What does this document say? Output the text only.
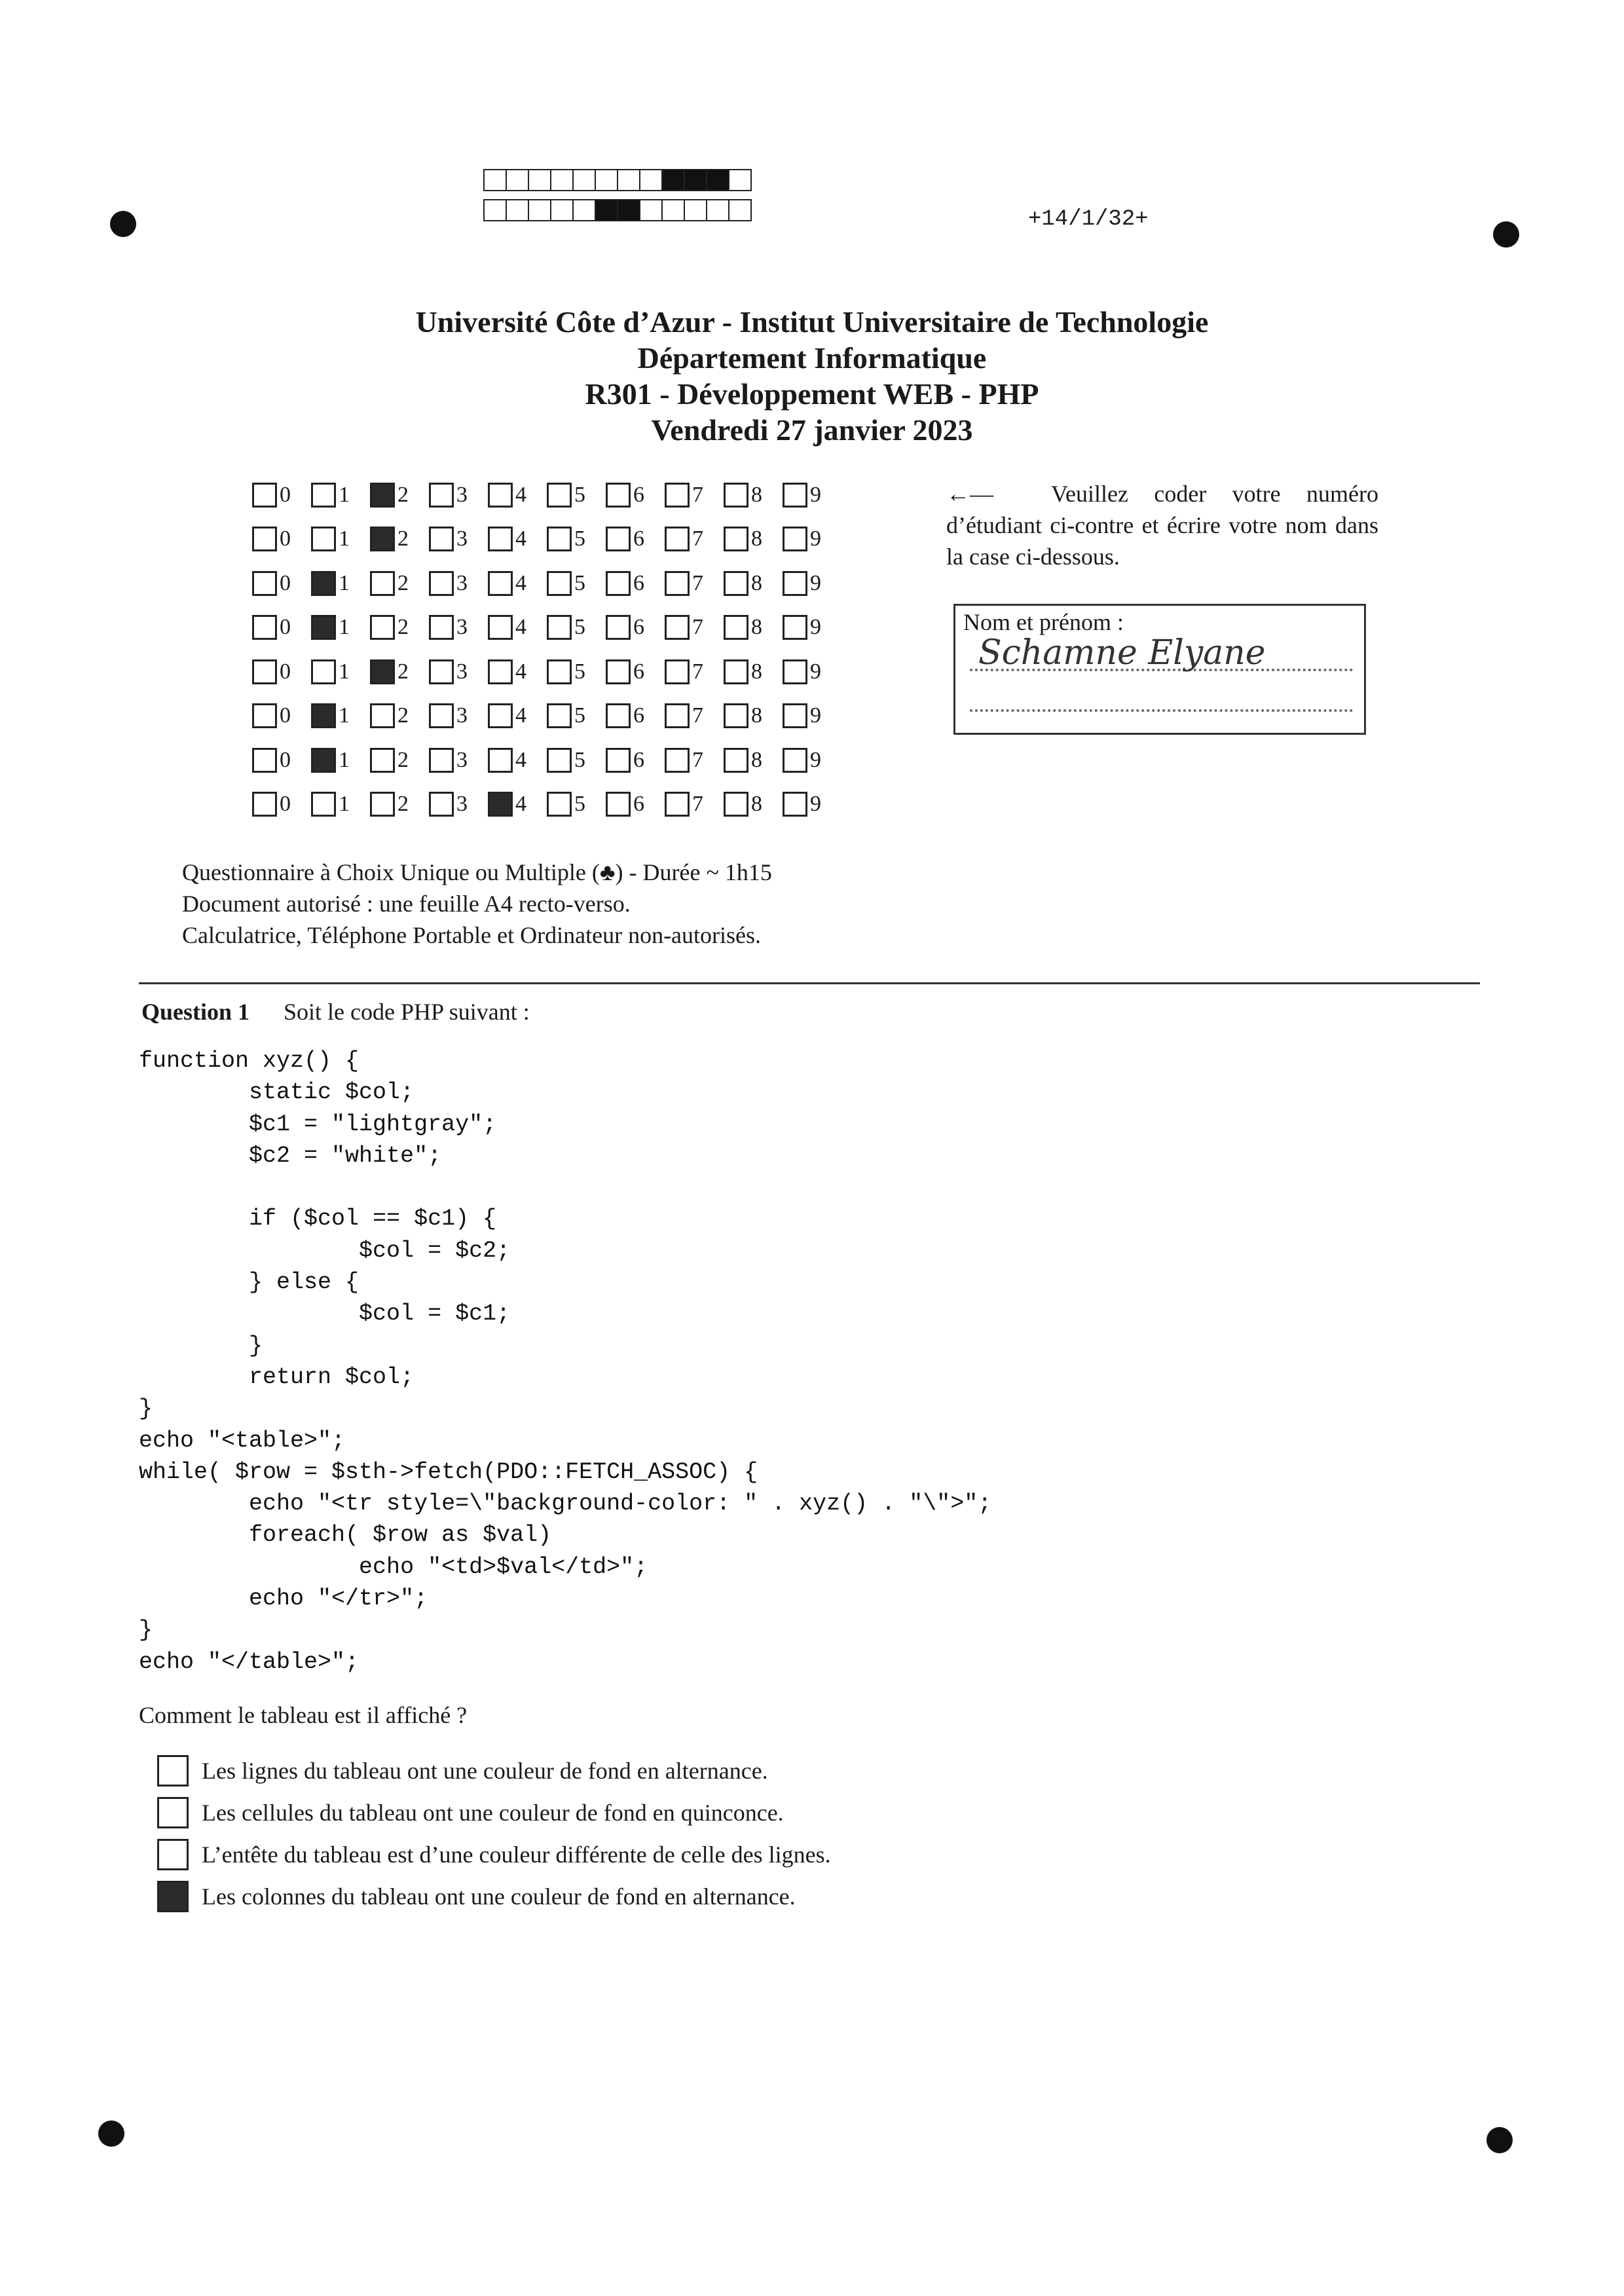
+14/1/32+
Université Côte d’Azur - Institut Universitaire de Technologie
Département Informatique
R301 - Développement WEB - PHP
Vendredi 27 janvier 2023
0 1 2 3 4 5 6 7 8 9
0 1 2 3 4 5 6 7 8 9
0 1 2 3 4 5 6 7 8 9
0 1 2 3 4 5 6 7 8 9
0 1 2 3 4 5 6 7 8 9
0 1 2 3 4 5 6 7 8 9
0 1 2 3 4 5 6 7 8 9
0 1 2 3 4 5 6 7 8 9
←— Veuillez coder votre numéro d’étudiant ci-contre et écrire votre nom dans la case ci-dessous.
Nom et prénom :
Schamne Elyane
Questionnaire à Choix Unique ou Multiple (♣) - Durée ~ 1h15
Document autorisé : une feuille A4 recto-verso.
Calculatrice, Téléphone Portable et Ordinateur non-autorisés.
Question 1 Soit le code PHP suivant :
function xyz() {
static $col;
$c1 = "lightgray";
$c2 = "white";

if ($col == $c1) {
$col = $c2;
} else {
$col = $c1;
}
return $col;
}
echo "<table>";
while( $row = $sth->fetch(PDO::FETCH_ASSOC) {
echo "<tr style=\"background-color: " . xyz() . "\">";
foreach( $row as $val)
echo "<td>$val</td>";
echo "</tr>";
}
echo "</table>";
Comment le tableau est il affiché ?
Les lignes du tableau ont une couleur de fond en alternance.
Les cellules du tableau ont une couleur de fond en quinconce.
L’entête du tableau est d’une couleur différente de celle des lignes.
Les colonnes du tableau ont une couleur de fond en alternance.
